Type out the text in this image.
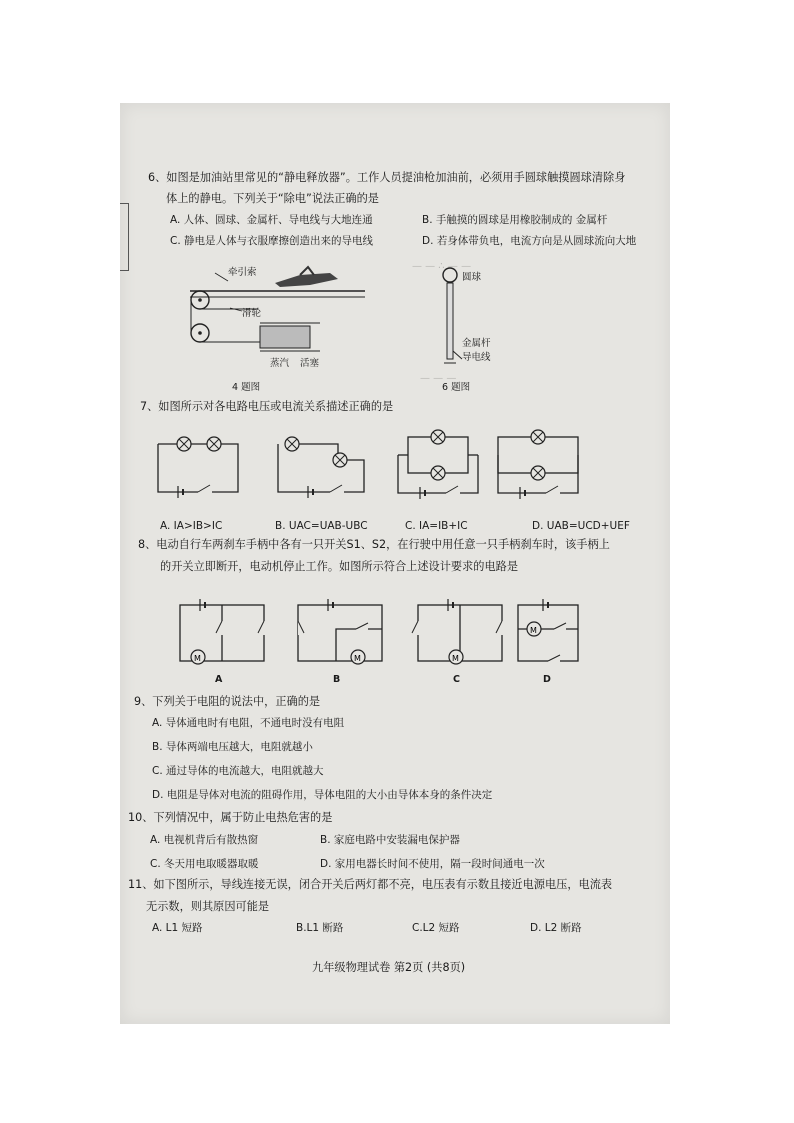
— — ∴ — —
— — —
6、如图是加油站里常见的“静电释放器”。工作人员提油枪加油前，必须用手圆球触摸圆球清除身
体上的静电。下列关于“除电”说法正确的是
A. 人体、圆球、金属杆、导电线与大地连通	B. 手触摸的圆球是用橡胶制成的 金属杆
C. 静电是人体与衣服摩擦创造出来的导电线	D. 若身体带负电，电流方向是从圆球流向大地
牵引索
滑轮
蒸汽 活塞
4 题图
圆球
金属杆
导电线
6 题图
7、如图所示对各电路电压或电流关系描述正确的是
A. IA>IB>IC	B. UAC=UAB-UBC	C. IA=IB+IC	D. UAB=UCD+UEF
8、电动自行车两刹车手柄中各有一只开关S1、S2，在行驶中用任意一只手柄刹车时，该手柄上
的开关立即断开，电动机停止工作。如图所示符合上述设计要求的电路是
M	M	M
M
A	B	C	D
9、下列关于电阻的说法中，正确的是
A. 导体通电时有电阻，不通电时没有电阻
B. 导体两端电压越大，电阻就越小
C. 通过导体的电流越大，电阻就越大
D. 电阻是导体对电流的阻碍作用，导体电阻的大小由导体本身的条件决定
10、下列情况中，属于防止电热危害的是
A. 电视机背后有散热窗	B. 家庭电路中安装漏电保护器
C. 冬天用电取暖器取暖	D. 家用电器长时间不使用，隔一段时间通电一次
11、如下图所示，导线连接无误，闭合开关后两灯都不亮，电压表有示数且接近电源电压，电流表
无示数，则其原因可能是
A. L1 短路	B.L1 断路	C.L2 短路	D. L2 断路
九年级物理试卷 第2页 (共8页)
